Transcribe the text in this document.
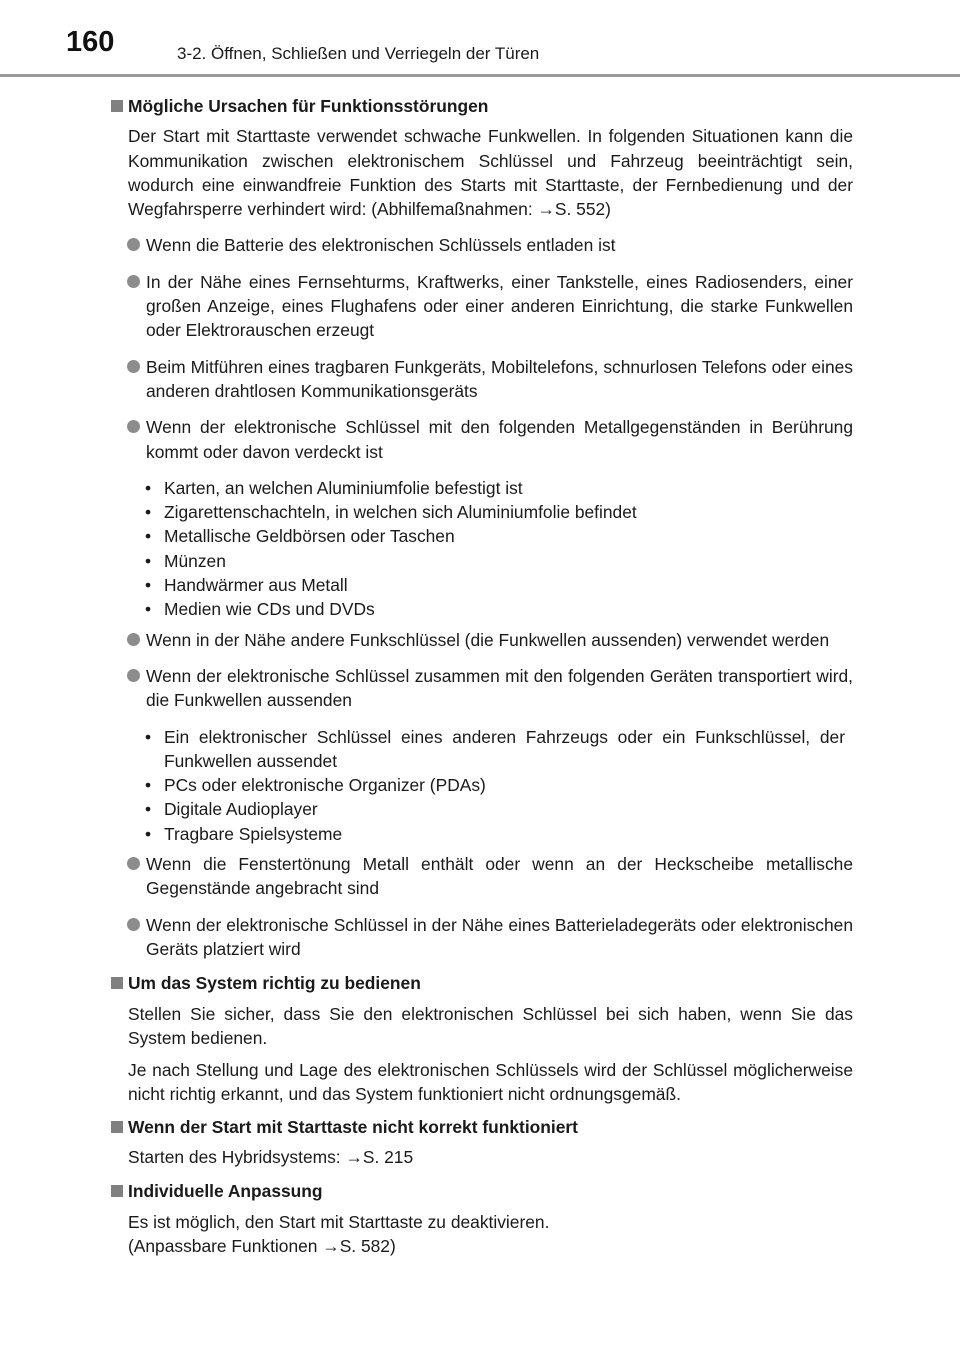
160	3-2. Öffnen, Schließen und Verriegeln der Türen
Mögliche Ursachen für Funktionsstörungen
Der Start mit Starttaste verwendet schwache Funkwellen. In folgenden Situationen kann die Kommunikation zwischen elektronischem Schlüssel und Fahrzeug beeinträchtigt sein, wodurch eine einwandfreie Funktion des Starts mit Starttaste, der Fernbedienung und der Wegfahrsperre verhindert wird: (Abhilfemaßnahmen: →S. 552)
Wenn die Batterie des elektronischen Schlüssels entladen ist
In der Nähe eines Fernsehturms, Kraftwerks, einer Tankstelle, eines Radiosenders, einer großen Anzeige, eines Flughafens oder einer anderen Einrichtung, die starke Funkwellen oder Elektrorauschen erzeugt
Beim Mitführen eines tragbaren Funkgeräts, Mobiltelefons, schnurlosen Telefons oder eines anderen drahtlosen Kommunikationsgeräts
Wenn der elektronische Schlüssel mit den folgenden Metallgegenständen in Berührung kommt oder davon verdeckt ist
• Karten, an welchen Aluminiumfolie befestigt ist
• Zigarettenschachteln, in welchen sich Aluminiumfolie befindet
• Metallische Geldbörsen oder Taschen
• Münzen
• Handwärmer aus Metall
• Medien wie CDs und DVDs
Wenn in der Nähe andere Funkschlüssel (die Funkwellen aussenden) verwendet werden
Wenn der elektronische Schlüssel zusammen mit den folgenden Geräten transportiert wird, die Funkwellen aussenden
• Ein elektronischer Schlüssel eines anderen Fahrzeugs oder ein Funkschlüssel, der Funkwellen aussendet
• PCs oder elektronische Organizer (PDAs)
• Digitale Audioplayer
• Tragbare Spielsysteme
Wenn die Fenstertönung Metall enthält oder wenn an der Heckscheibe metallische Gegenstände angebracht sind
Wenn der elektronische Schlüssel in der Nähe eines Batterieladegeräts oder elektronischen Geräts platziert wird
Um das System richtig zu bedienen
Stellen Sie sicher, dass Sie den elektronischen Schlüssel bei sich haben, wenn Sie das System bedienen.
Je nach Stellung und Lage des elektronischen Schlüssels wird der Schlüssel möglicherweise nicht richtig erkannt, und das System funktioniert nicht ordnungsgemäß.
Wenn der Start mit Starttaste nicht korrekt funktioniert
Starten des Hybridsystems: →S. 215
Individuelle Anpassung
Es ist möglich, den Start mit Starttaste zu deaktivieren.
(Anpassbare Funktionen →S. 582)
